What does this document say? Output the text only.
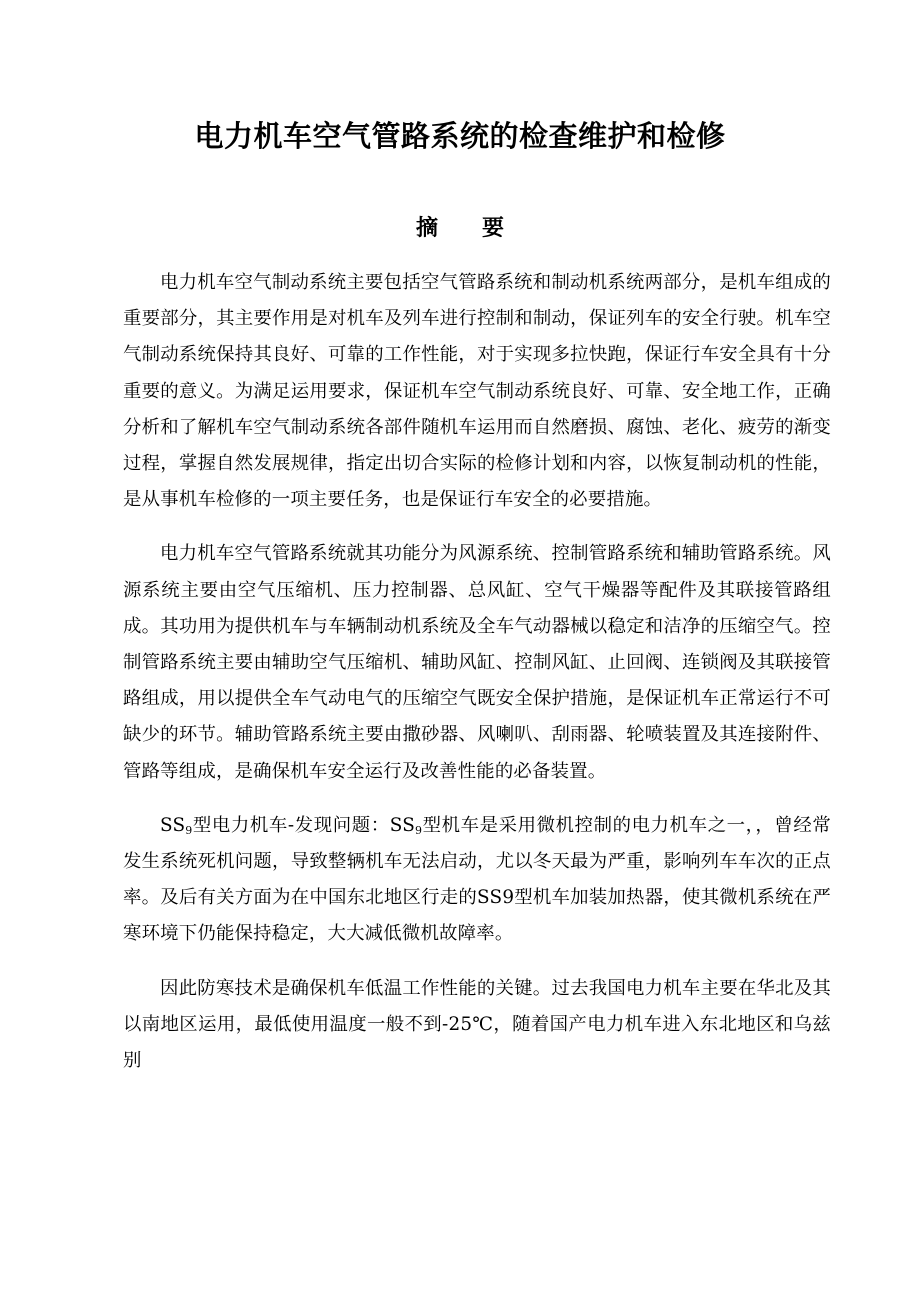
电力机车空气管路系统的检查维护和检修
摘 要

电力机车空气制动系统主要包括空气管路系统和制动机系统两部分，是机车组成的重要部分，其主要作用是对机车及列车进行控制和制动，保证列车的安全行驶。机车空气制动系统保持其良好、可靠的工作性能，对于实现多拉快跑，保证行车安全具有十分重要的意义。为满足运用要求，保证机车空气制动系统良好、可靠、安全地工作，正确分析和了解机车空气制动系统各部件随机车运用而自然磨损、腐蚀、老化、疲劳的渐变过程，掌握自然发展规律，指定出切合实际的检修计划和内容，以恢复制动机的性能，是从事机车检修的一项主要任务，也是保证行车安全的必要措施。

电力机车空气管路系统就其功能分为风源系统、控制管路系统和辅助管路系统。风源系统主要由空气压缩机、压力控制器、总风缸、空气干燥器等配件及其联接管路组成。其功用为提供机车与车辆制动机系统及全车气动器械以稳定和洁净的压缩空气。控制管路系统主要由辅助空气压缩机、辅助风缸、控制风缸、止回阀、连锁阀及其联接管路组成，用以提供全车气动电气的压缩空气既安全保护措施，是保证机车正常运行不可缺少的环节。辅助管路系统主要由撒砂器、风喇叭、刮雨器、轮喷装置及其连接附件、管路等组成，是确保机车安全运行及改善性能的必备装置。

$SS_9$型电力机车-发现问题：$SS_9$型机车是采用微机控制的电力机车之一，，曾经常发生系统死机问题，导致整辆机车无法启动，尤以冬天最为严重，影响列车车次的正点率。及后有关方面为在中国东北地区行走的SS9型机车加装加热器，使其微机系统在严寒环境下仍能保持稳定，大大减低微机故障率。

因此防寒技术是确保机车低温工作性能的关键。过去我国电力机车主要在华北及其以南地区运用，最低使用温度一般不到-25℃，随着国产电力机车进入东北地区和乌兹别
